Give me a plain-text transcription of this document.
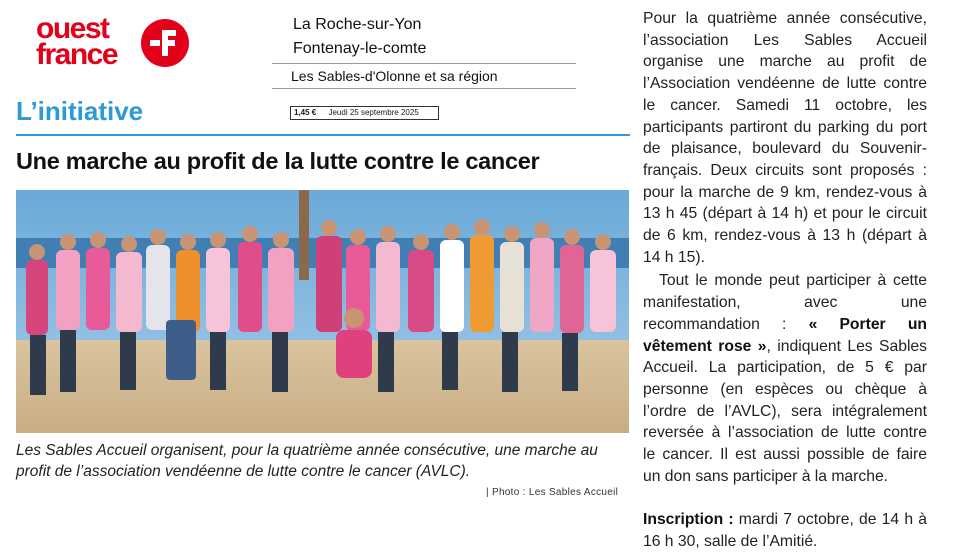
ouest
france
La Roche-sur-Yon
Fontenay-le-comte
Les Sables-d'Olonne et sa région
L’initiative	1,45 € Jeudi 25 septembre 2025
Une marche au profit de la lutte contre le cancer
Les Sables Accueil organisent, pour la quatrième année consécutive, une marche au profit de l’association vendéenne de lutte contre le cancer (AVLC).
| Photo : Les Sables Accueil

Pour la quatrième année consécutive, l’association Les Sables Accueil organise une marche au profit de l’Association vendéenne de lutte contre le cancer. Samedi 11 octobre, les participants partiront du parking du port de plaisance, boulevard du Souvenir-français. Deux circuits sont proposés : pour la marche de 9 km, rendez-vous à 13 h 45 (départ à 14 h) et pour le circuit de 6 km, rendez-vous à 13 h (départ à 14 h 15).

Tout le monde peut participer à cette manifestation, avec une recommandation : « Porter un vêtement rose », indiquent Les Sables Accueil. La participation, de 5 € par personne (en espèces ou chèque à l’ordre de l’AVLC), sera intégralement reversée à l’association de lutte contre le cancer. Il est aussi possible de faire un don sans participer à la marche.

Inscription : mardi 7 octobre, de 14 h à 16 h 30, salle de l’Amitié.
